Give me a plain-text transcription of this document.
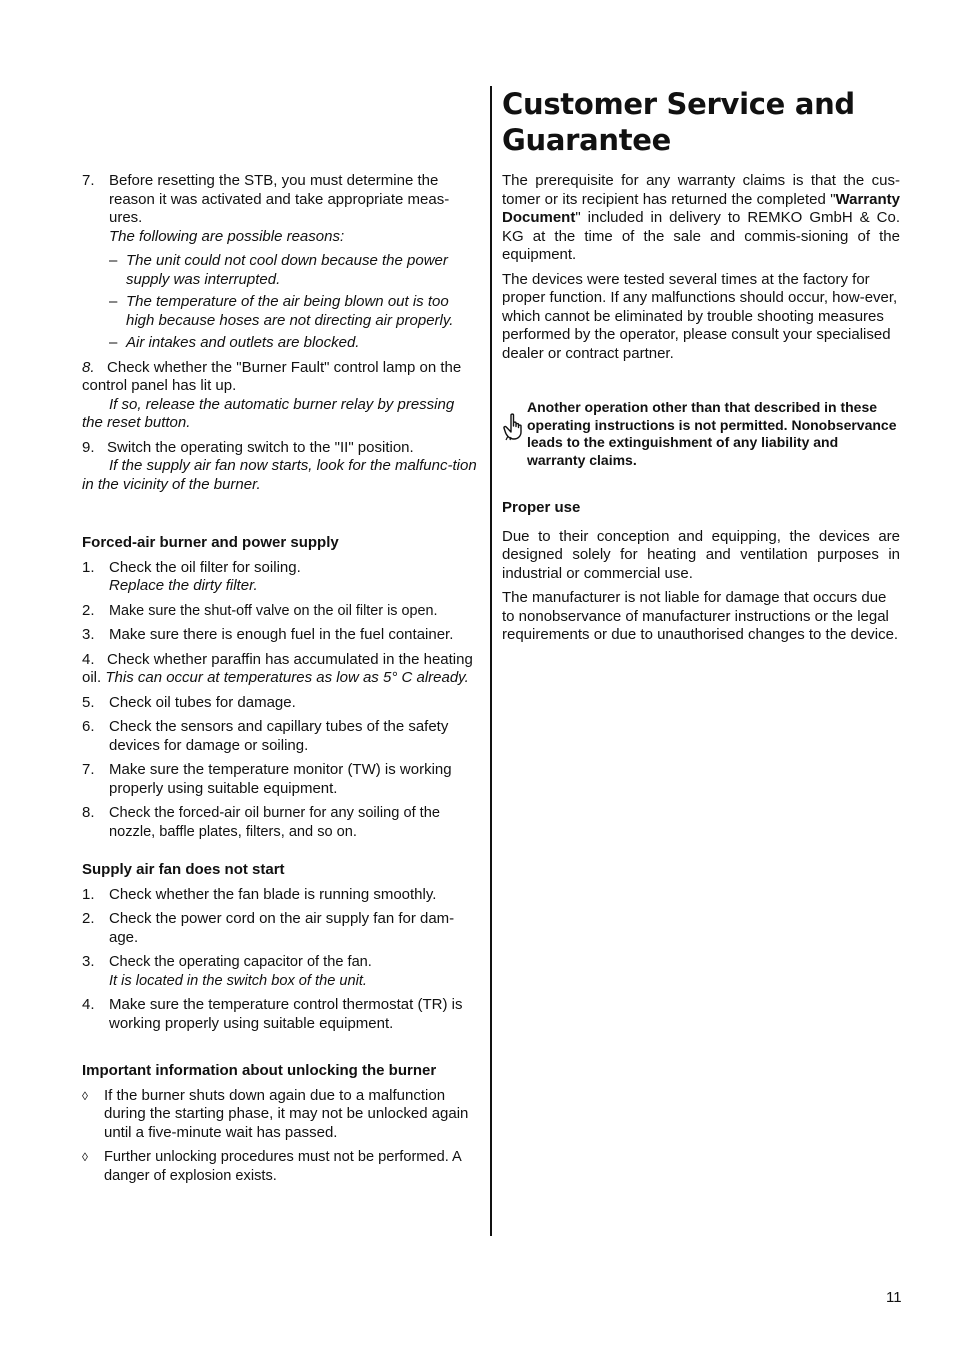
7. Before resetting the STB, you must determine the reason it was activated and take appropriate meas-ures.
The following are possible reasons:
– The unit could not cool down because the power supply was interrupted.
– The temperature of the air being blown out is too high because hoses are not directing air properly.
– Air intakes and outlets are blocked.
8. Check whether the "Burner Fault" control lamp on the control panel has lit up.
If so, release the automatic burner relay by pressing the reset button.
9. Switch the operating switch to the "II" position.
If the supply air fan now starts, look for the malfunc-tion in the vicinity of the burner.
Forced-air burner and power supply
1. Check the oil filter for soiling.
Replace the dirty filter.
2. Make sure the shut-off valve on the oil filter is open.
3. Make sure there is enough fuel in the fuel container.
4. Check whether paraffin has accumulated in the heating oil. This can occur at temperatures as low as 5° C already.
5. Check oil tubes for damage.
6. Check the sensors and capillary tubes of the safety devices for damage or soiling.
7. Make sure the temperature monitor (TW) is working properly using suitable equipment.
8. Check the forced-air oil burner for any soiling of the nozzle, baffle plates, filters, and so on.
Supply air fan does not start
1. Check whether the fan blade is running smoothly.
2. Check the power cord on the air supply fan for dam-age.
3. Check the operating capacitor of the fan.
It is located in the switch box of the unit.
4. Make sure the temperature control thermostat (TR) is working properly using suitable equipment.
Important information about unlocking the burner
◊ If the burner shuts down again due to a malfunction during the starting phase, it may not be unlocked again until a five-minute wait has passed.
◊ Further unlocking procedures must not be performed. A danger of explosion exists.
Customer Service and
Guarantee

The prerequisite for any warranty claims is that the cus-tomer or its recipient has returned the completed "Warranty Document" included in delivery to REMKO GmbH & Co. KG at the time of the sale and commis-sioning of the equipment.

The devices were tested several times at the factory for proper function. If any malfunctions should occur, how-ever, which cannot be eliminated by trouble shooting measures performed by the operator, please consult your specialised dealer or contract partner.

Another operation other than that described in these operating instructions is not permitted. Nonobservance leads to the extinguishment of any liability and warranty claims.
Proper use

Due to their conception and equipping, the devices are designed solely for heating and ventilation purposes in industrial or commercial use.

The manufacturer is not liable for damage that occurs due to nonobservance of manufacturer instructions or the legal requirements or due to unauthorised changes to the device.

11
